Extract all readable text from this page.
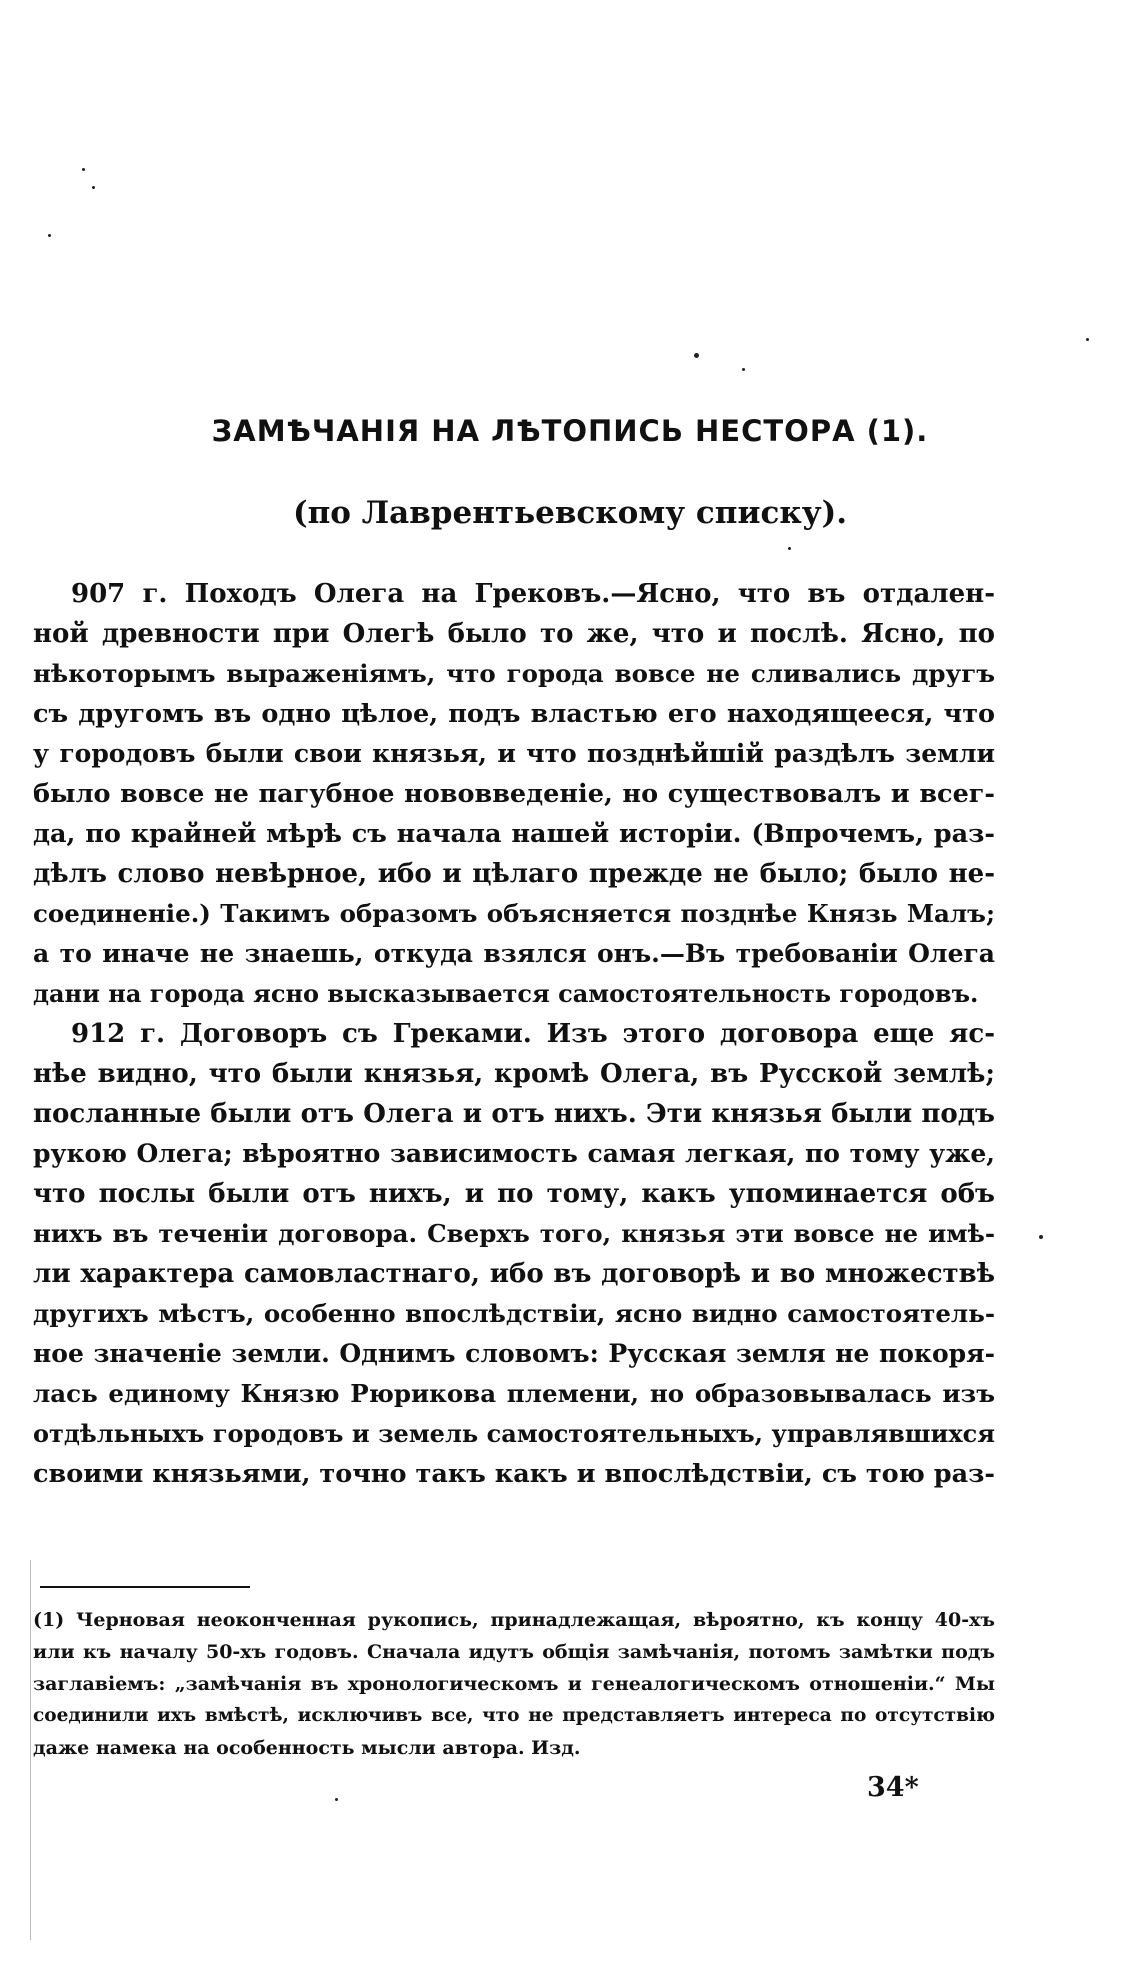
ЗАМѢЧАНІЯ НА ЛѢТОПИСЬ НЕСТОРА (1).
(по Лаврентьевскому списку).
907 г. Походъ Олега на Грековъ.—Ясно, что въ отдален-
ной древности при Олегѣ было то же, что и послѣ. Ясно, по
нѣкоторымъ выраженіямъ, что города вовсе не сливались другъ
съ другомъ въ одно цѣлое, подъ властью его находящееся, что
у городовъ были свои князья, и что позднѣйшій раздѣлъ земли
было вовсе не пагубное нововведеніе, но существовалъ и всег-
да, по крайней мѣрѣ съ начала нашей исторіи. (Впрочемъ, раз-
дѣлъ слово невѣрное, ибо и цѣлаго прежде не было; было не-
соединеніе.) Такимъ образомъ объясняется позднѣе Князь Малъ;
а то иначе не знаешь, откуда взялся онъ.—Въ требованіи Олега
дани на города ясно высказывается самостоятельность городовъ.
912 г. Договоръ съ Греками. Изъ этого договора еще яс-
нѣе видно, что были князья, кромѣ Олега, въ Русской землѣ;
посланные были отъ Олега и отъ нихъ. Эти князья были подъ
рукою Олега; вѣроятно зависимость самая легкая, по тому уже,
что послы были отъ нихъ, и по тому, какъ упоминается объ
нихъ въ теченіи договора. Сверхъ того, князья эти вовсе не имѣ-
ли характера самовластнаго, ибо въ договорѣ и во множествѣ
другихъ мѣстъ, особенно впослѣдствіи, ясно видно самостоятель-
ное значеніе земли. Однимъ словомъ: Русская земля не покоря-
лась единому Князю Рюрикова племени, но образовывалась изъ
отдѣльныхъ городовъ и земель самостоятельныхъ, управлявшихся
своими князьями, точно такъ какъ и впослѣдствіи, съ тою раз-
(1) Черновая неоконченная рукопись, принадлежащая, вѣроятно, къ концу 40-хъ
или къ началу 50-хъ годовъ. Сначала идутъ общія замѣчанія, потомъ замѣтки подъ
заглавіемъ: „замѣчанія въ хронологическомъ и генеалогическомъ отношеніи.“ Мы
соединили ихъ вмѣстѣ, исключивъ все, что не представляетъ интереса по отсутствію
даже намека на особенность мысли автора. Изд.
34*
